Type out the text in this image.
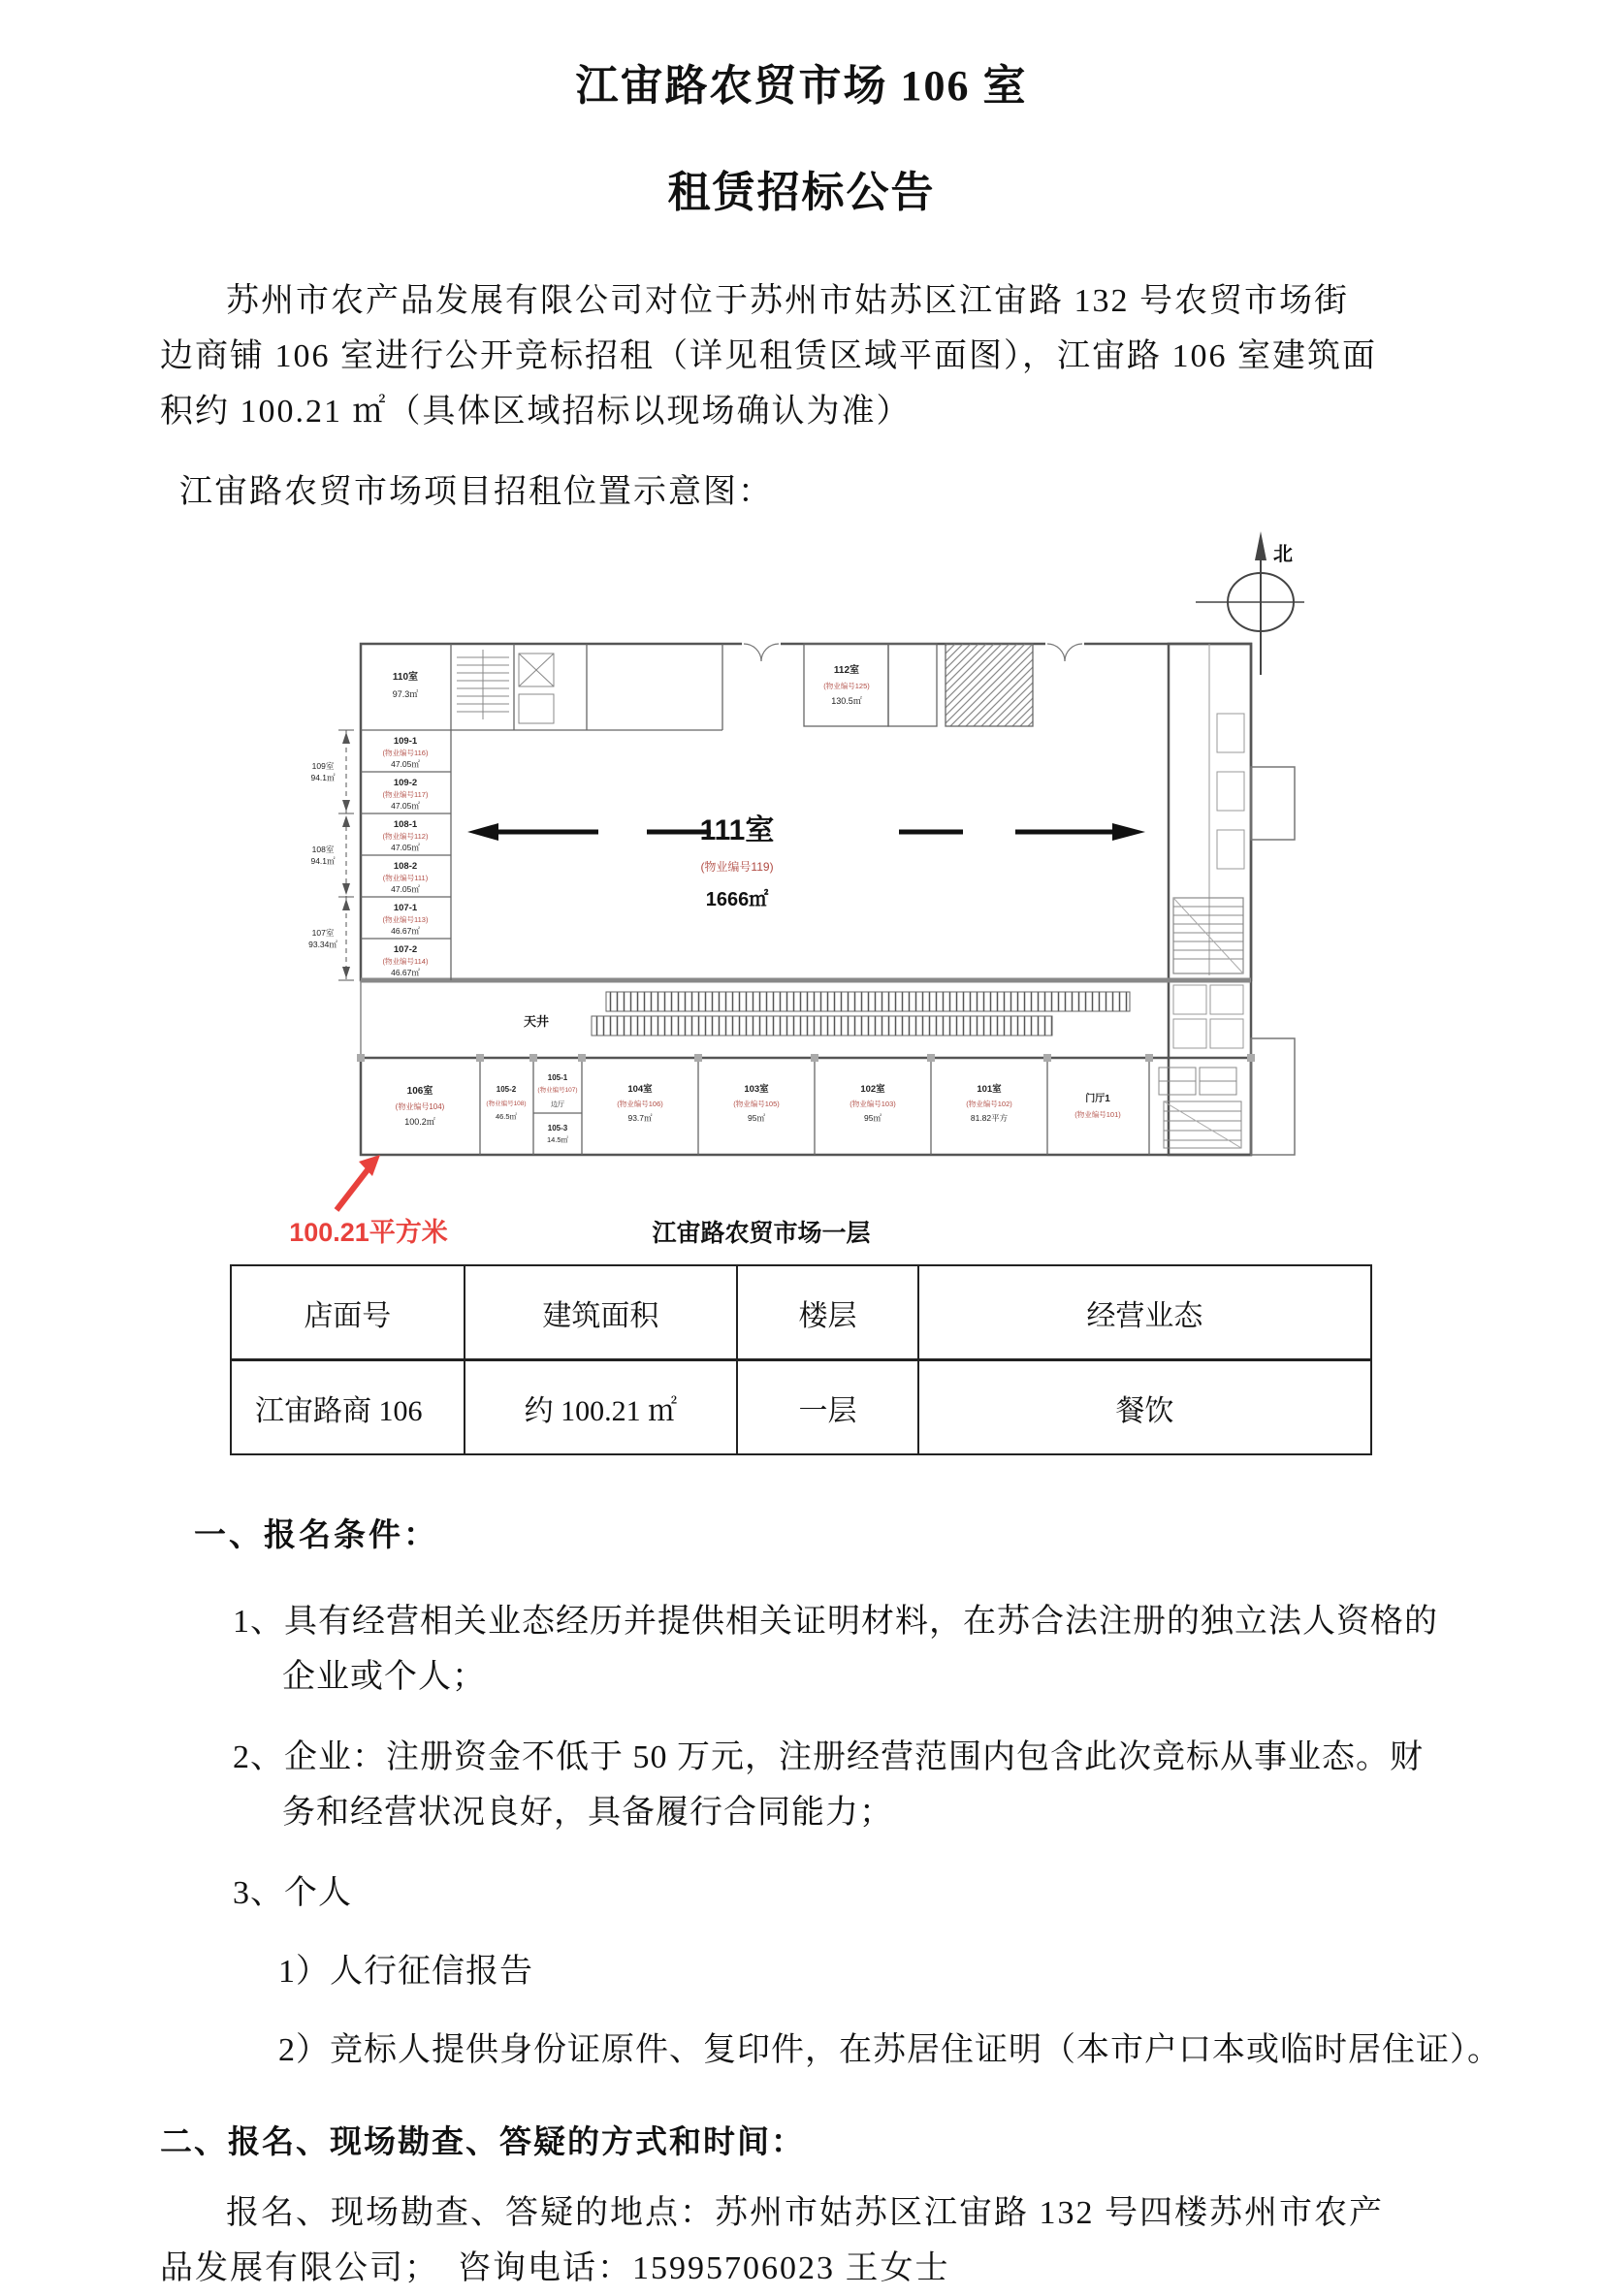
江宙路农贸市场 106 室
租赁招标公告
苏州市农产品发展有限公司对位于苏州市姑苏区江宙路 132 号农贸市场街
边商铺 106 室进行公开竞标招租（详见租赁区域平面图），江宙路 106 室建筑面
积约 100.21 ㎡（具体区域招标以现场确认为准）
江宙路农贸市场项目招租位置示意图：
北
111室
(物业编号119)
1666㎡
110室
97.3㎡
112室
(物业编号125)
130.5㎡
109-1
(物业编号116)
47.05㎡
109-2
(物业编号117)
47.05㎡
108-1
(物业编号112)
47.05㎡
108-2
(物业编号111)
47.05㎡
107-1
(物业编号113)
46.67㎡
107-2
(物业编号114)
46.67㎡
109室
94.1㎡
108室
94.1㎡
107室
93.34㎡
天井
106室
(物业编号104)
100.2㎡
105-2
(物业编号108)
46.5㎡
105-1
(物业编号107)
边厅
105-3
14.5㎡
104室
(物业编号106)
93.7㎡
103室
(物业编号105)
95㎡
102室
(物业编号103)
95㎡
101室
(物业编号102)
81.82平方
门厅1
(物业编号101)
100.21平方米	江宙路农贸市场一层
店面号	建筑面积	楼层	经营业态
江宙路商 106	约 100.21 ㎡	一层	餐饮
一、报名条件：
1、具有经营相关业态经历并提供相关证明材料，在苏合法注册的独立法人资格的企业或个人；
2、企业：注册资金不低于 50 万元，注册经营范围内包含此次竞标从事业态。财务和经营状况良好，具备履行合同能力；
3、个人
1）人行征信报告
2）竞标人提供身份证原件、复印件，在苏居住证明（本市户口本或临时居住证）。
二、报名、现场勘查、答疑的方式和时间：
报名、现场勘查、答疑的地点：苏州市姑苏区江宙路 132 号四楼苏州市农产
品发展有限公司；　咨询电话：15995706023 王女士
